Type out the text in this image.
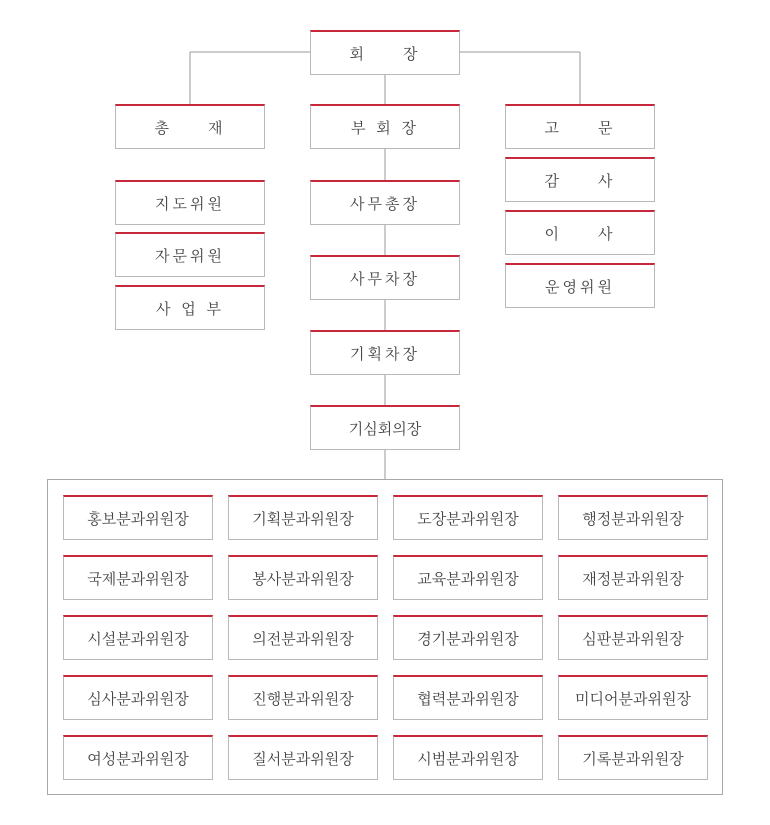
회　　장
총　　재	부 회 장	고　　문
지도위원
자문위원
사 업 부
사무총장
사무차장
기획차장
기심회의장
감　　사
이　　사
운영위원
홍보분과위원장	기획분과위원장	도장분과위원장	행정분과위원장
국제분과위원장	봉사분과위원장	교육분과위원장	재정분과위원장
시설분과위원장	의전분과위원장	경기분과위원장	심판분과위원장
심사분과위원장	진행분과위원장	협력분과위원장	미디어분과위원장
여성분과위원장	질서분과위원장	시범분과위원장	기록분과위원장
